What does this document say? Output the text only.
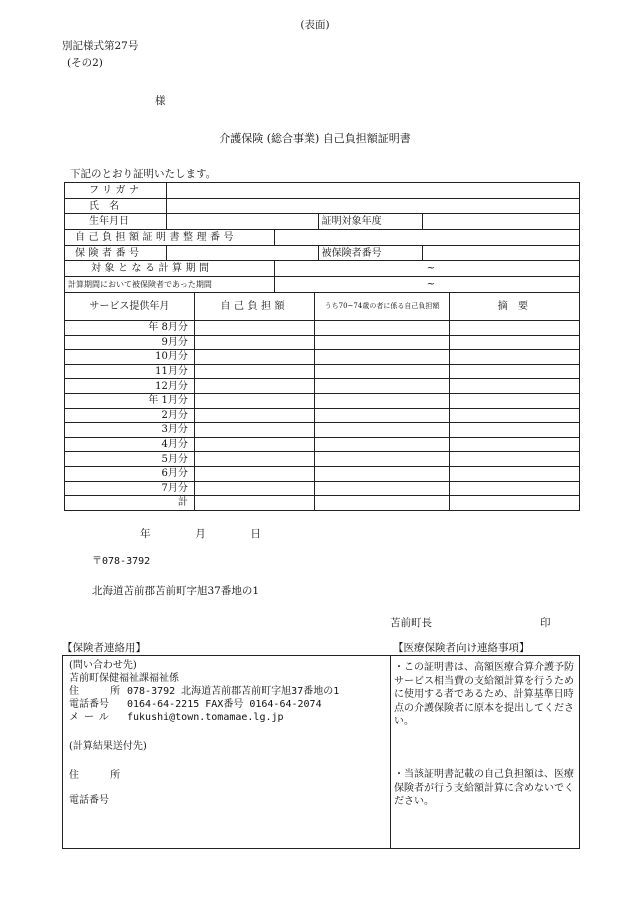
(表面)
別記様式第27号
(その2)
様
介護保険 (総合事業) 自己負担額証明書
下記のとおり証明いたします。
フリガナ				
氏 名				
生年月日			証明対象年度	
自己負担額証明書整理番号				
保険者番号			被保険者番号	
対象となる計算期間		~		
計算期間において被保険者であった期間		~		
サービス提供年月	自己負担額	うち70~74歳の者に係る自己負担額	摘 要
年 8月分			
9月分			
10月分			
11月分			
12月分			
年 1月分			
2月分			
3月分			
4月分			
5月分			
6月分			
7月分			
計			
年	月	日
〒078-3792
北海道苫前郡苫前町字旭37番地の1
苫前町長	印
【保険者連絡用】	【医療保険者向け連絡事項】
(問い合わせ先)
苫前町保健福祉課福祉係
住 所
078-3792 北海道苫前郡苫前町字旭37番地の1
電話番号 0164-64-2215 FAX番号 0164-64-2074
メール fukushi@town.tomamae.lg.jp
(計算結果送付先)
住 所
電話番号
・この証明書は、高額医療合算介護予防サービス相当費の支給額計算を行うために使用する者であるため、計算基準日時点の介護保険者に原本を提出してください。
・当該証明書記載の自己負担額は、医療保険者が行う支給額計算に含めないでください。
